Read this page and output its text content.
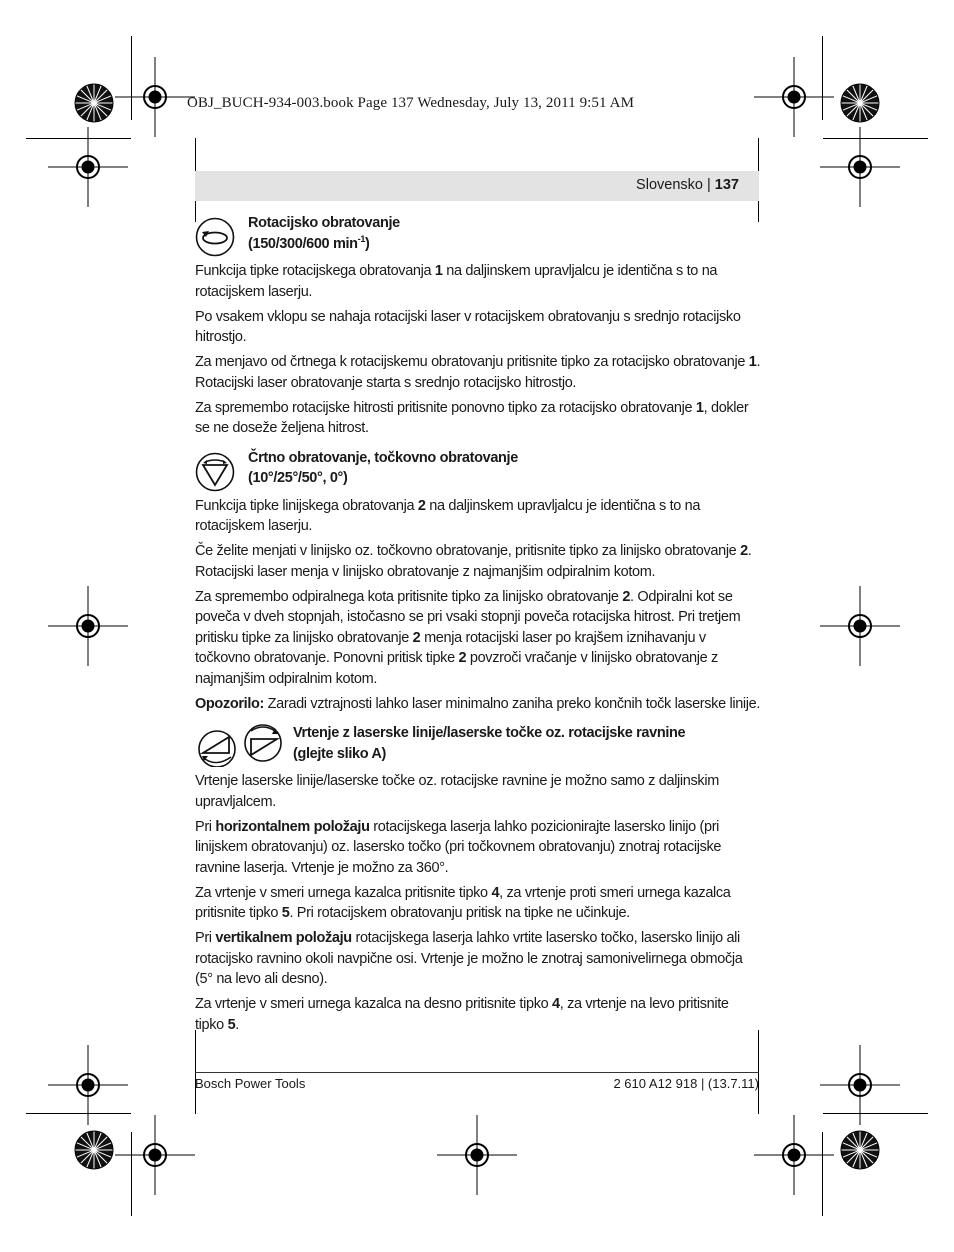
OBJ_BUCH-934-003.book Page 137 Wednesday, July 13, 2011 9:51 AM
Slovensko | 137
Rotacijsko obratovanje
(150/300/600 $\min^{-1}$)

Funkcija tipke rotacijskega obratovanja 1 na daljinskem upravljalcu je identična s to na rotacijskem laserju.

Po vsakem vklopu se nahaja rotacijski laser v rotacijskem obratovanju s srednjo rotacijsko hitrostjo.

Za menjavo od črtnega k rotacijskemu obratovanju pritisnite tipko za rotacijsko obratovanje 1. Rotacijski laser obratovanje starta s srednjo rotacijsko hitrostjo.

Za spremembo rotacijske hitrosti pritisnite ponovno tipko za rotacijsko obratovanje 1, dokler se ne doseže željena hitrost.

Črtno obratovanje, točkovno obratovanje
(10°/25°/50°, 0°)

Funkcija tipke linijskega obratovanja 2 na daljinskem upravljalcu je identična s to na rotacijskem laserju.

Če želite menjati v linijsko oz. točkovno obratovanje, pritisnite tipko za linijsko obratovanje 2. Rotacijski laser menja v linijsko obratovanje z najmanjšim odpiralnim kotom.

Za spremembo odpiralnega kota pritisnite tipko za linijsko obratovanje 2. Odpiralni kot se poveča v dveh stopnjah, istočasno se pri vsaki stopnji poveča rotacijska hitrost. Pri tretjem pritisku tipke za linijsko obratovanje 2 menja rotacijski laser po krajšem iznihavanju v točkovno obratovanje. Ponovni pritisk tipke 2 povzroči vračanje v linijsko obratovanje z najmanjšim odpiralnim kotom.

Opozorilo: Zaradi vztrajnosti lahko laser minimalno zaniha preko končnih točk laserske linije.

Vrtenje z laserske linije/laserske točke oz. rotacijske ravnine
(glejte sliko A)

Vrtenje laserske linije/laserske točke oz. rotacijske ravnine je možno samo z daljinskim upravljalcem.

Pri horizontalnem položaju rotacijskega laserja lahko pozicionirajte lasersko linijo (pri linijskem obratovanju) oz. lasersko točko (pri točkovnem obratovanju) znotraj rotacijske ravnine laserja. Vrtenje je možno za 360°.

Za vrtenje v smeri urnega kazalca pritisnite tipko 4, za vrtenje proti smeri urnega kazalca pritisnite tipko 5. Pri rotacijskem obratovanju pritisk na tipke ne učinkuje.

Pri vertikalnem položaju rotacijskega laserja lahko vrtite lasersko točko, lasersko linijo ali rotacijsko ravnino okoli navpične osi. Vrtenje je možno le znotraj samonivelirnega območja (5° na levo ali desno).

Za vrtenje v smeri urnega kazalca na desno pritisnite tipko 4, za vrtenje na levo pritisnite tipko 5.

Bosch Power Tools	2 610 A12 918 | (13.7.11)
